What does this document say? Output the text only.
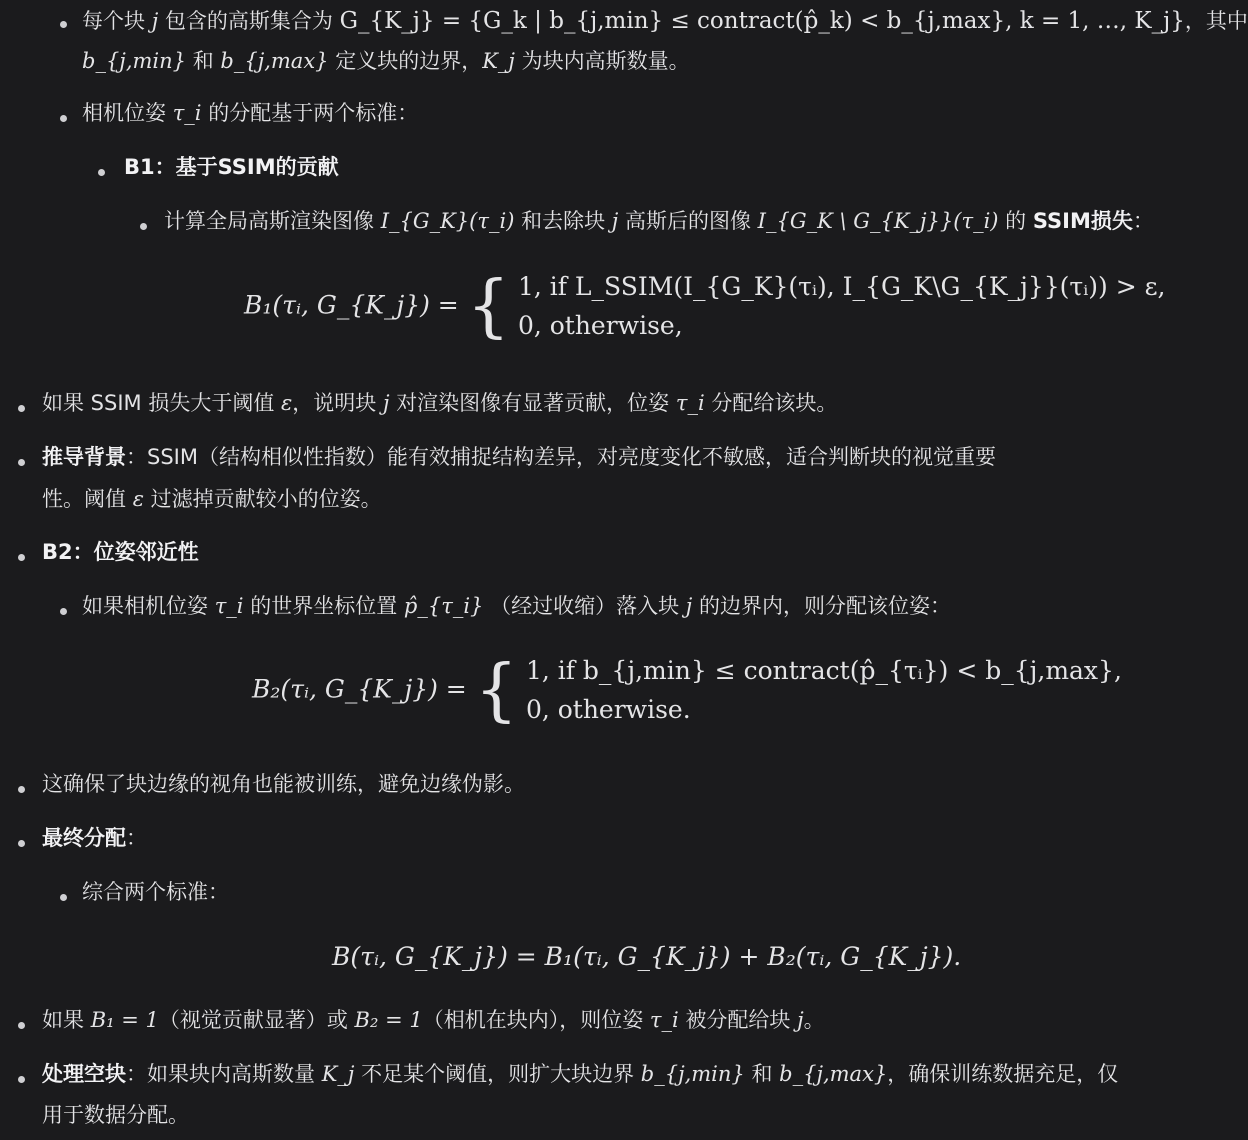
每个块 j 包含的高斯集合为 G_{K_j} = {G_k | b_{j,min} ≤ contract(p̂_k) < b_{j,max}, k = 1, …, K_j}，其中
b_{j,min} 和 b_{j,max} 定义块的边界，K_j 为块内高斯数量。
相机位姿 τ_i 的分配基于两个标准：
B1：基于SSIM的贡献
计算全局高斯渲染图像 I_{G_K}(τ_i) 和去除块 j 高斯后的图像 I_{G_K \ G_{K_j}}(τ_i) 的 SSIM损失：
B₁(τᵢ, G_{K_j}) = { 1, if L_SSIM(I_{G_K}(τᵢ), I_{G_K\G_{K_j}}(τᵢ)) > ε,
0, otherwise,
如果 SSIM 损失大于阈值 ε，说明块 j 对渲染图像有显著贡献，位姿 τ_i 分配给该块。
推导背景：SSIM（结构相似性指数）能有效捕捉结构差异，对亮度变化不敏感，适合判断块的视觉重要
性。阈值 ε 过滤掉贡献较小的位姿。
B2：位姿邻近性
如果相机位姿 τ_i 的世界坐标位置 p̂_{τ_i} （经过收缩）落入块 j 的边界内，则分配该位姿：
B₂(τᵢ, G_{K_j}) = { 1, if b_{j,min} ≤ contract(p̂_{τᵢ}) < b_{j,max},
0, otherwise.
这确保了块边缘的视角也能被训练，避免边缘伪影。
最终分配：
综合两个标准：
B(τᵢ, G_{K_j}) = B₁(τᵢ, G_{K_j}) + B₂(τᵢ, G_{K_j}).
如果 B₁ = 1（视觉贡献显著）或 B₂ = 1（相机在块内），则位姿 τ_i 被分配给块 j。
处理空块：如果块内高斯数量 K_j 不足某个阈值，则扩大块边界 b_{j,min} 和 b_{j,max}，确保训练数据充足，仅
用于数据分配。
